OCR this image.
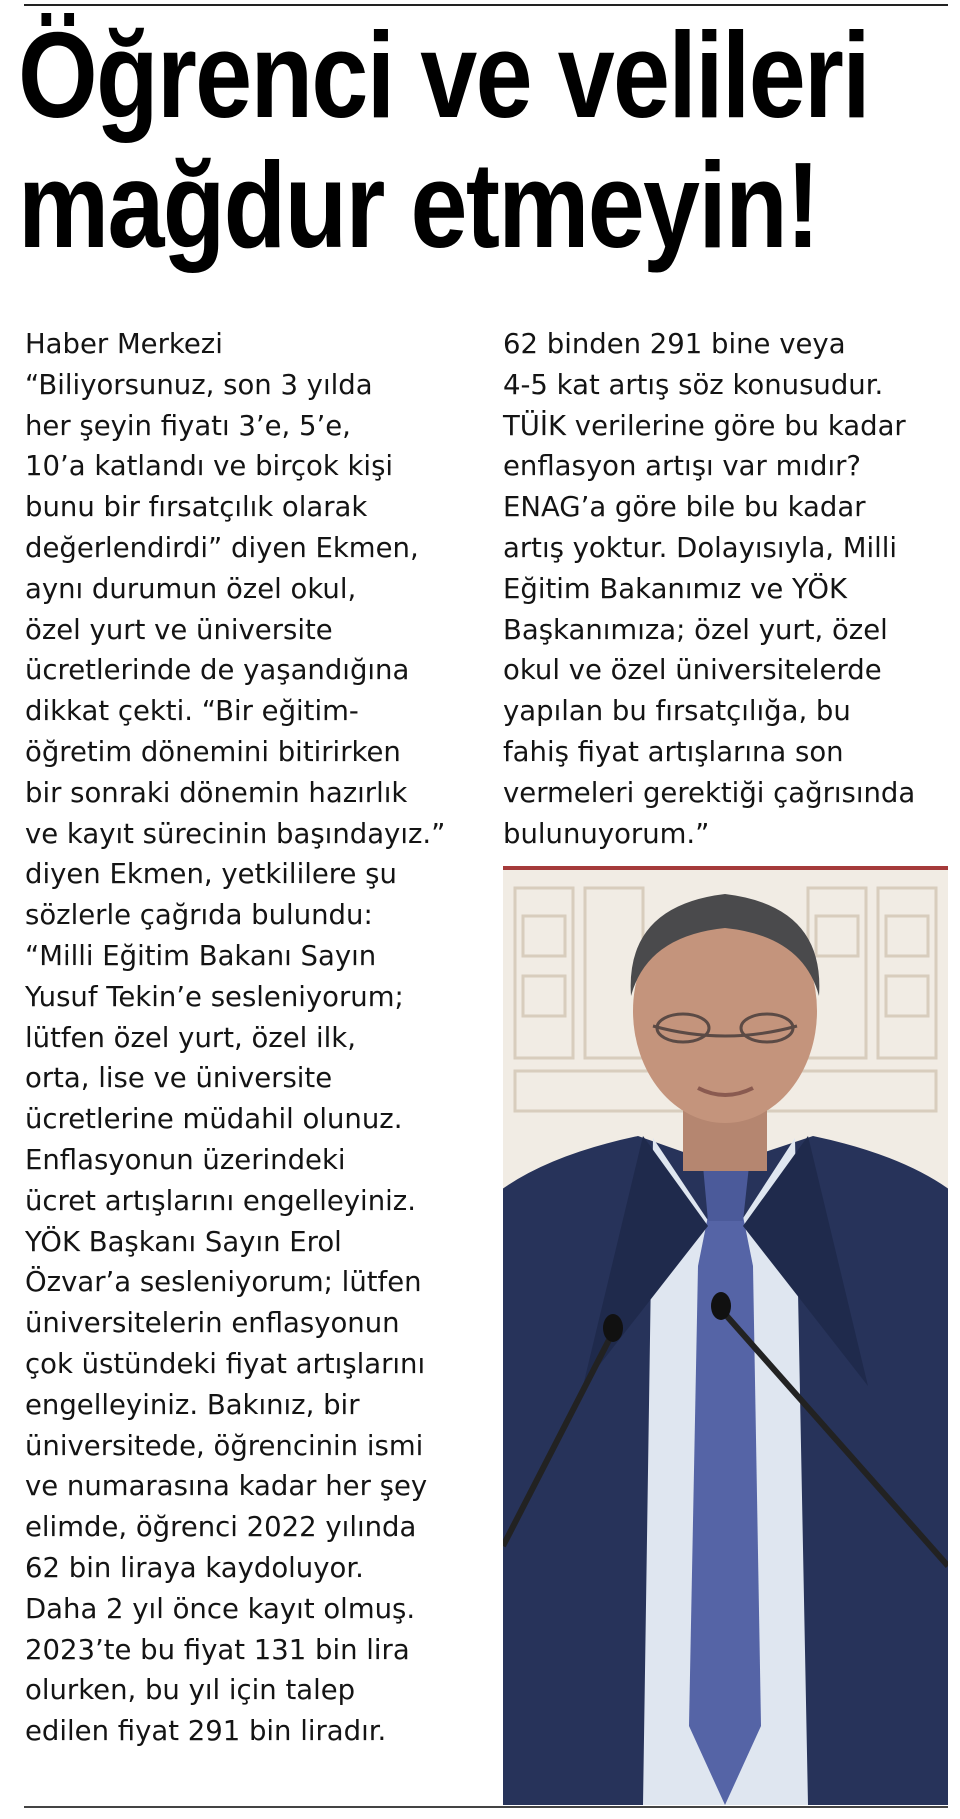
Öğrenci ve velileri
mağdur etmeyin!
Haber Merkezi
“Biliyorsunuz, son 3 yılda
her şeyin fiyatı 3’e, 5’e,
10’a katlandı ve birçok kişi
bunu bir fırsatçılık olarak
değerlendirdi” diyen Ekmen,
aynı durumun özel okul,
özel yurt ve üniversite
ücretlerinde de yaşandığına
dikkat çekti. “Bir eğitim-
öğretim dönemini bitirirken
bir sonraki dönemin hazırlık
ve kayıt sürecinin başındayız.”
diyen Ekmen, yetkililere şu
sözlerle çağrıda bulundu:
“Milli Eğitim Bakanı Sayın
Yusuf Tekin’e sesleniyorum;
lütfen özel yurt, özel ilk,
orta, lise ve üniversite
ücretlerine müdahil olunuz.
Enflasyonun üzerindeki
ücret artışlarını engelleyiniz.
YÖK Başkanı Sayın Erol
Özvar’a sesleniyorum; lütfen
üniversitelerin enflasyonun
çok üstündeki fiyat artışlarını
engelleyiniz. Bakınız, bir
üniversitede, öğrencinin ismi
ve numarasına kadar her şey
elimde, öğrenci 2022 yılında
62 bin liraya kaydoluyor.
Daha 2 yıl önce kayıt olmuş.
2023’te bu fiyat 131 bin lira
olurken, bu yıl için talep
edilen fiyat 291 bin liradır.
62 binden 291 bine veya
4-5 kat artış söz konusudur.
TÜİK verilerine göre bu kadar
enflasyon artışı var mıdır?
ENAG’a göre bile bu kadar
artış yoktur. Dolayısıyla, Milli
Eğitim Bakanımız ve YÖK
Başkanımıza; özel yurt, özel
okul ve özel üniversitelerde
yapılan bu fırsatçılığa, bu
fahiş fiyat artışlarına son
vermeleri gerektiği çağrısında
bulunuyorum.”
